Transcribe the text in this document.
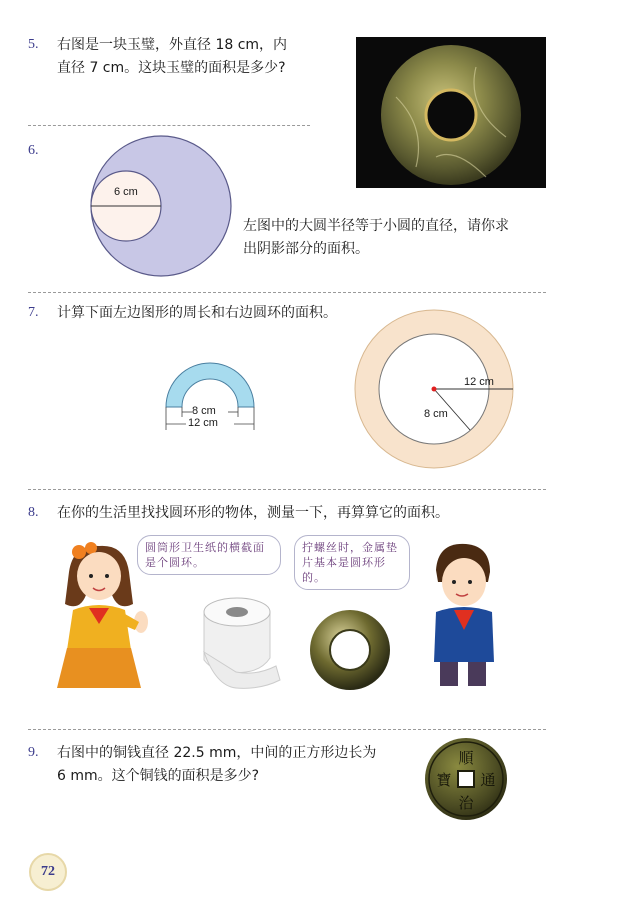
5. 右图是一块玉璧，外直径 18 cm，内
直径 7 cm。这块玉璧的面积是多少?
6.
6 cm
左图中的大圆半径等于小圆的直径，请你求
出阴影部分的面积。
7. 计算下面左边图形的周长和右边圆环的面积。
8 cm
12 cm
12 cm
8 cm
8. 在你的生活里找找圆环形的物体，测量一下，再算算它的面积。
圆筒形卫生纸的横截面是个圆环。
拧螺丝时，金属垫片基本是圆环形的。
9. 右图中的铜钱直径 22.5 mm，中间的正方形边长为
6 mm。这个铜钱的面积是多少?
順
通
治
寶
72
